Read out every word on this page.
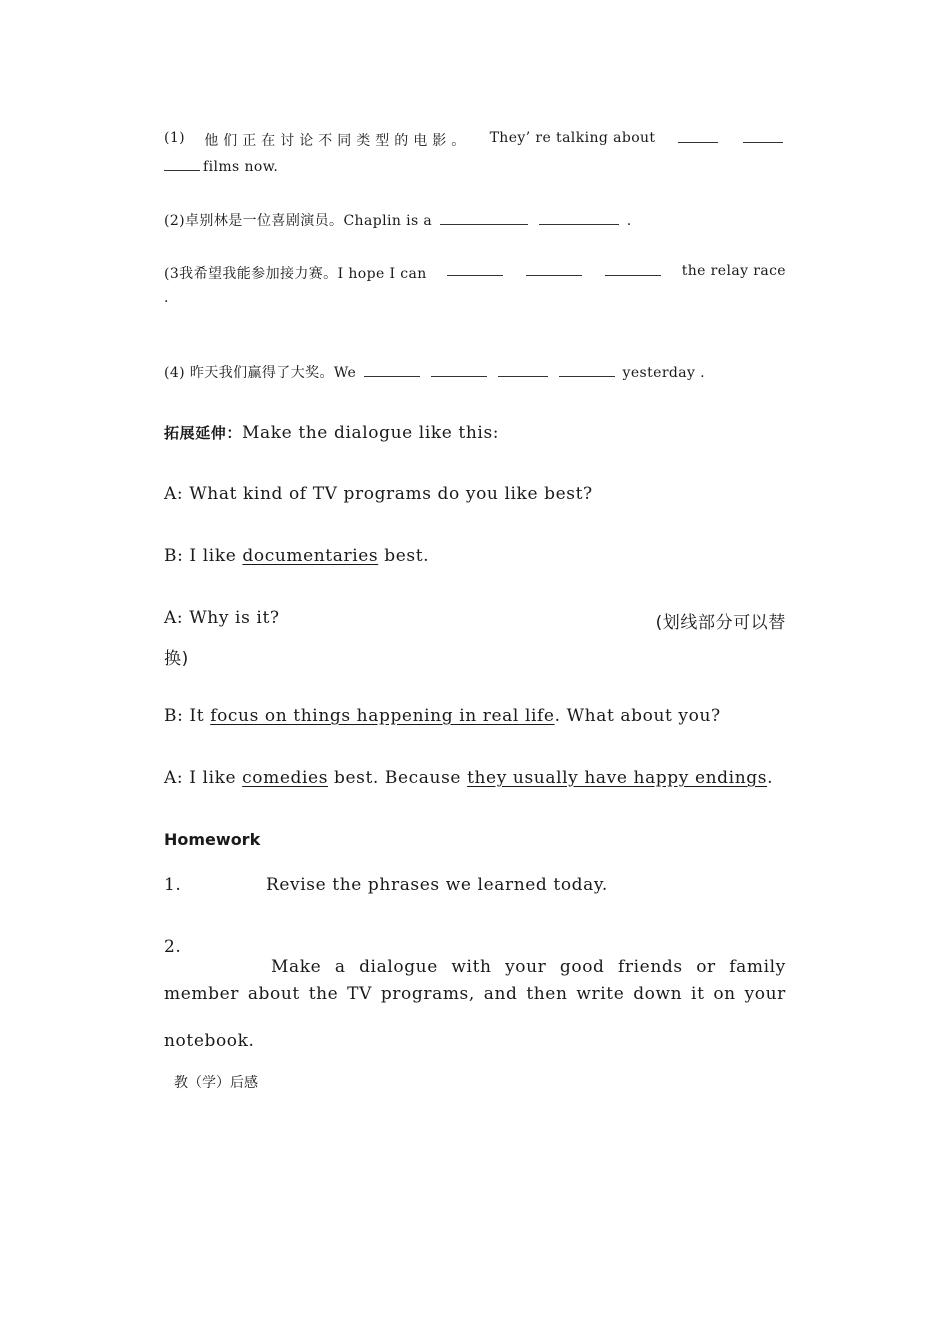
(1) 他们正在讨论不同类型的电影。 They’ re talking about
films now.
(2)卓别林是一位喜剧演员。Chaplin is a	.
(3我希望我能参加接力赛。I hope I can	the relay race
.
(4) 昨天我们赢得了大奖。We	yesterday .
拓展延伸：Make the dialogue like this:
A: What kind of TV programs do you like best?
B: I like documentaries best.
A: Why is it?	(划线部分可以替
换)
B: It focus on things happening in real life. What about you?
A: I like comedies best. Because they usually have happy endings.
Homework
1.	Revise the phrases we learned today.
2.
Make a dialogue with your good friends or family
member about the TV programs, and then write down it on your
notebook.
教（学）后感
